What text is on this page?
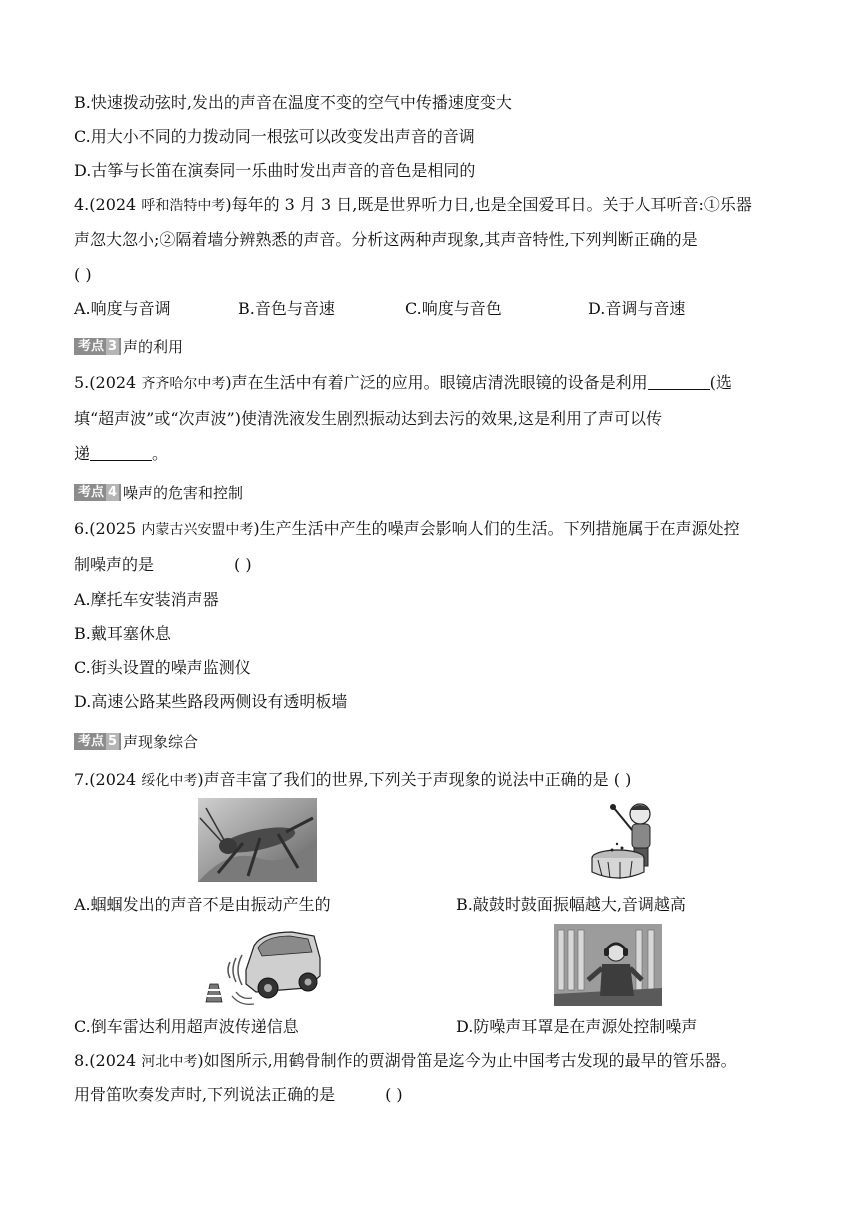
B.快速拨动弦时,发出的声音在温度不变的空气中传播速度变大
C.用大小不同的力拨动同一根弦可以改变发出声音的音调
D.古筝与长笛在演奏同一乐曲时发出声音的音色是相同的
4.(2024 呼和浩特中考)每年的 3 月 3 日,既是世界听力日,也是全国爱耳日。关于人耳听音:①乐器
声忽大忽小;②隔着墙分辨熟悉的声音。分析这两种声现象,其声音特性,下列判断正确的是
( )
A.响度与音调	B.音色与音速	C.响度与音色	D.音调与音速
考点 3 声的利用
5.(2024 齐齐哈尔中考)声在生活中有着广泛的应用。眼镜店清洗眼镜的设备是利用	(选
填“超声波”或“次声波”)使清洗液发生剧烈振动达到去污的效果,这是利用了声可以传
递	。
考点 4 噪声的危害和控制
6.(2025 内蒙古兴安盟中考)生产生活中产生的噪声会影响人们的生活。下列措施属于在声源处控
制噪声的是	( )
A.摩托车安装消声器
B.戴耳塞休息
C.街头设置的噪声监测仪
D.高速公路某些路段两侧设有透明板墙
考点 5 声现象综合
7.(2024 绥化中考)声音丰富了我们的世界,下列关于声现象的说法中正确的是 ( )
A.蝈蝈发出的声音不是由振动产生的	B.敲鼓时鼓面振幅越大,音调越高
C.倒车雷达利用超声波传递信息	D.防噪声耳罩是在声源处控制噪声
8.(2024 河北中考)如图所示,用鹤骨制作的贾湖骨笛是迄今为止中国考古发现的最早的管乐器。
用骨笛吹奏发声时,下列说法正确的是	( )
